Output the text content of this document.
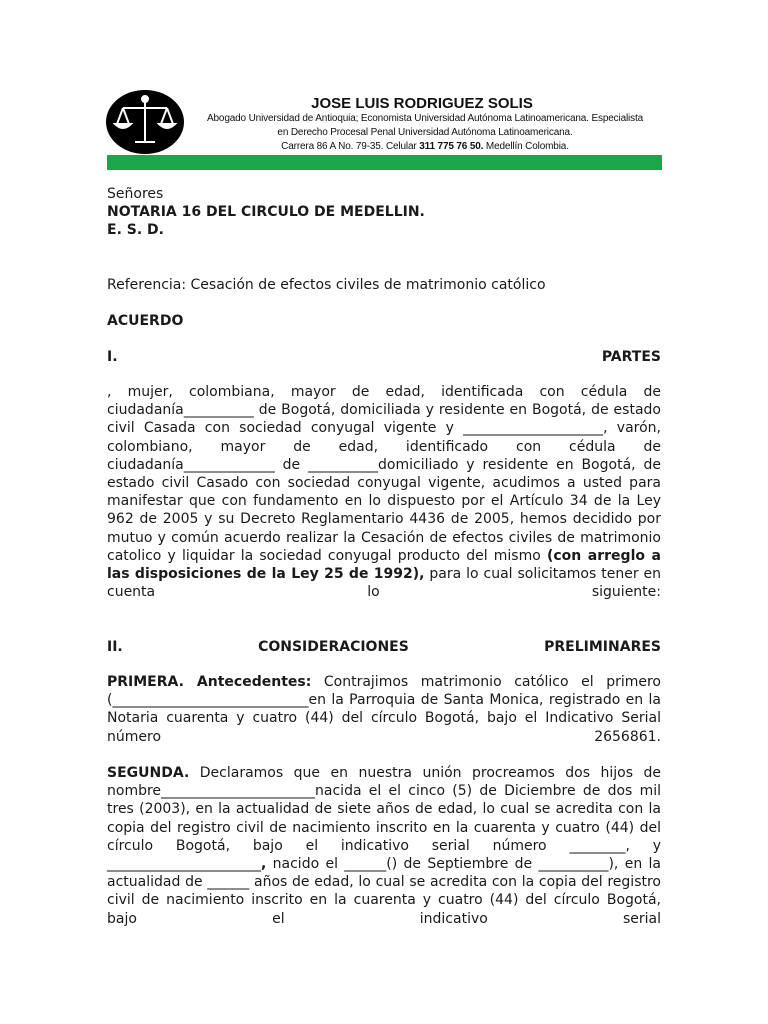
JOSE LUIS RODRIGUEZ SOLIS
Abogado Universidad de Antioquia; Economista Universidad Autónoma Latinoamericana. Especialista
en Derecho Procesal Penal Universidad Autónoma Latinoamericana.
Carrera 86 A No. 79-35. Celular 311 775 76 50. Medellín Colombia.
Señores
NOTARIA 16 DEL CIRCULO DE MEDELLIN.
E. S. D.
Referencia: Cesación de efectos civiles de matrimonio católico
ACUERDO
I.	PARTES
, mujer, colombiana, mayor de edad, identificada con cédula de ciudadanía__________ de Bogotá, domiciliada y residente en Bogotá, de estado civil Casada con sociedad conyugal vigente y ____________________, varón, colombiano, mayor de edad, identificado con cédula de ciudadanía_____________ de __________domiciliado y residente en Bogotá, de estado civil Casado con sociedad conyugal vigente, acudimos a usted para manifestar que con fundamento en lo dispuesto por el Artículo 34 de la Ley 962 de 2005 y su Decreto Reglamentario 4436 de 2005, hemos decidido por mutuo y común acuerdo realizar la Cesación de efectos civiles de matrimonio catolico y liquidar la sociedad conyugal producto del mismo (con arreglo a las disposiciones de la Ley 25 de 1992), para lo cual solicitamos tener en cuenta lo siguiente:
II.	CONSIDERACIONES	PRELIMINARES
PRIMERA. Antecedentes: Contrajimos matrimonio católico el primero (____________________________en la Parroquia de Santa Monica, registrado en la Notaria cuarenta y cuatro (44) del círculo Bogotá, bajo el Indicativo Serial número 2656861.
SEGUNDA. Declaramos que en nuestra unión procreamos dos hijos de nombre______________________nacida el el cinco (5) de Diciembre de dos mil tres (2003), en la actualidad de siete años de edad, lo cual se acredita con la copia del registro civil de nacimiento inscrito en la cuarenta y cuatro (44) del círculo Bogotá, bajo el indicativo serial número ________, y ______________________, nacido el ______() de Septiembre de __________), en la actualidad de ______ años de edad, lo cual se acredita con la copia del registro civil de nacimiento inscrito en la cuarenta y cuatro (44) del círculo Bogotá, bajo el indicativo serial
